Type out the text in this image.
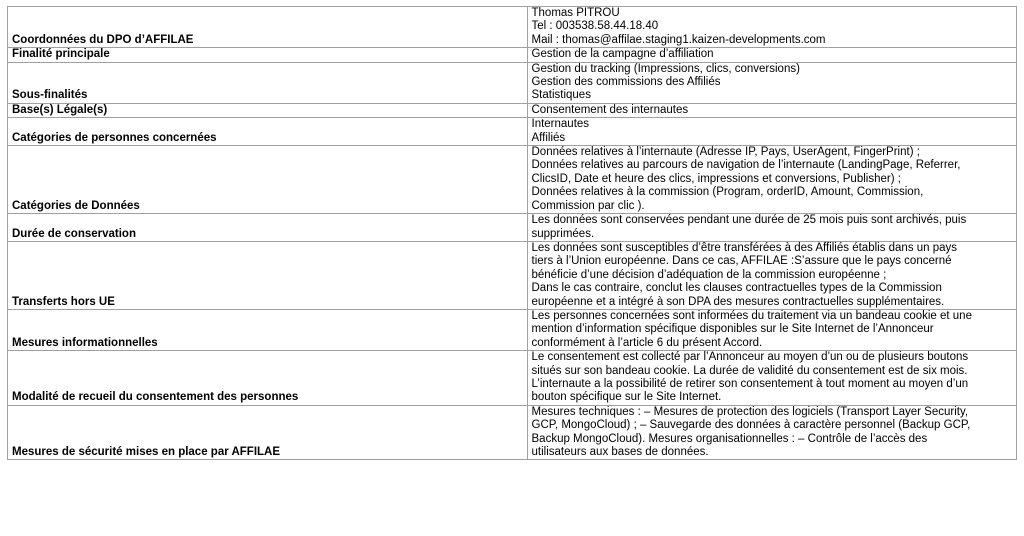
Coordonnées du DPO d’AFFILAE	Thomas PITROU
Tel : 003538.58.44.18.40
Mail : thomas@affilae.staging1.kaizen-developments.com

Finalité principale	Gestion de la campagne d’affiliation

Sous-finalités	Gestion du tracking (Impressions, clics, conversions)
Gestion des commissions des Affiliés
Statistiques

Base(s) Légale(s)	Consentement des internautes

Catégories de personnes concernées	Internautes
Affiliés

Catégories de Données	Données relatives à l’internaute (Adresse IP, Pays, UserAgent, FingerPrint) ;
Données relatives au parcours de navigation de l’internaute (LandingPage, Referrer,
ClicsID, Date et heure des clics, impressions et conversions, Publisher) ;
Données relatives à la commission (Program, orderID, Amount, Commission,
Commission par clic ).

Durée de conservation	Les données sont conservées pendant une durée de 25 mois puis sont archivés, puis
supprimées.

Transferts hors UE	Les données sont susceptibles d’être transférées à des Affiliés établis dans un pays
tiers à l’Union européenne. Dans ce cas, AFFILAE :S’assure que le pays concerné
bénéficie d’une décision d’adéquation de la commission européenne ;
Dans le cas contraire, conclut les clauses contractuelles types de la Commission
européenne et a intégré à son DPA des mesures contractuelles supplémentaires.

Mesures informationnelles	Les personnes concernées sont informées du traitement via un bandeau cookie et une
mention d’information spécifique disponibles sur le Site Internet de l’Annonceur
conformément à l’article 6 du présent Accord.

Modalité de recueil du consentement des personnes	Le consentement est collecté par l’Annonceur au moyen d’un ou de plusieurs boutons
situés sur son bandeau cookie. La durée de validité du consentement est de six mois.
L’internaute a la possibilité de retirer son consentement à tout moment au moyen d’un
bouton spécifique sur le Site Internet.

Mesures de sécurité mises en place par AFFILAE	Mesures techniques : – Mesures de protection des logiciels (Transport Layer Security,
GCP, MongoCloud) ; – Sauvegarde des données à caractère personnel (Backup GCP,
Backup MongoCloud). Mesures organisationnelles : – Contrôle de l’accès des
utilisateurs aux bases de données.
